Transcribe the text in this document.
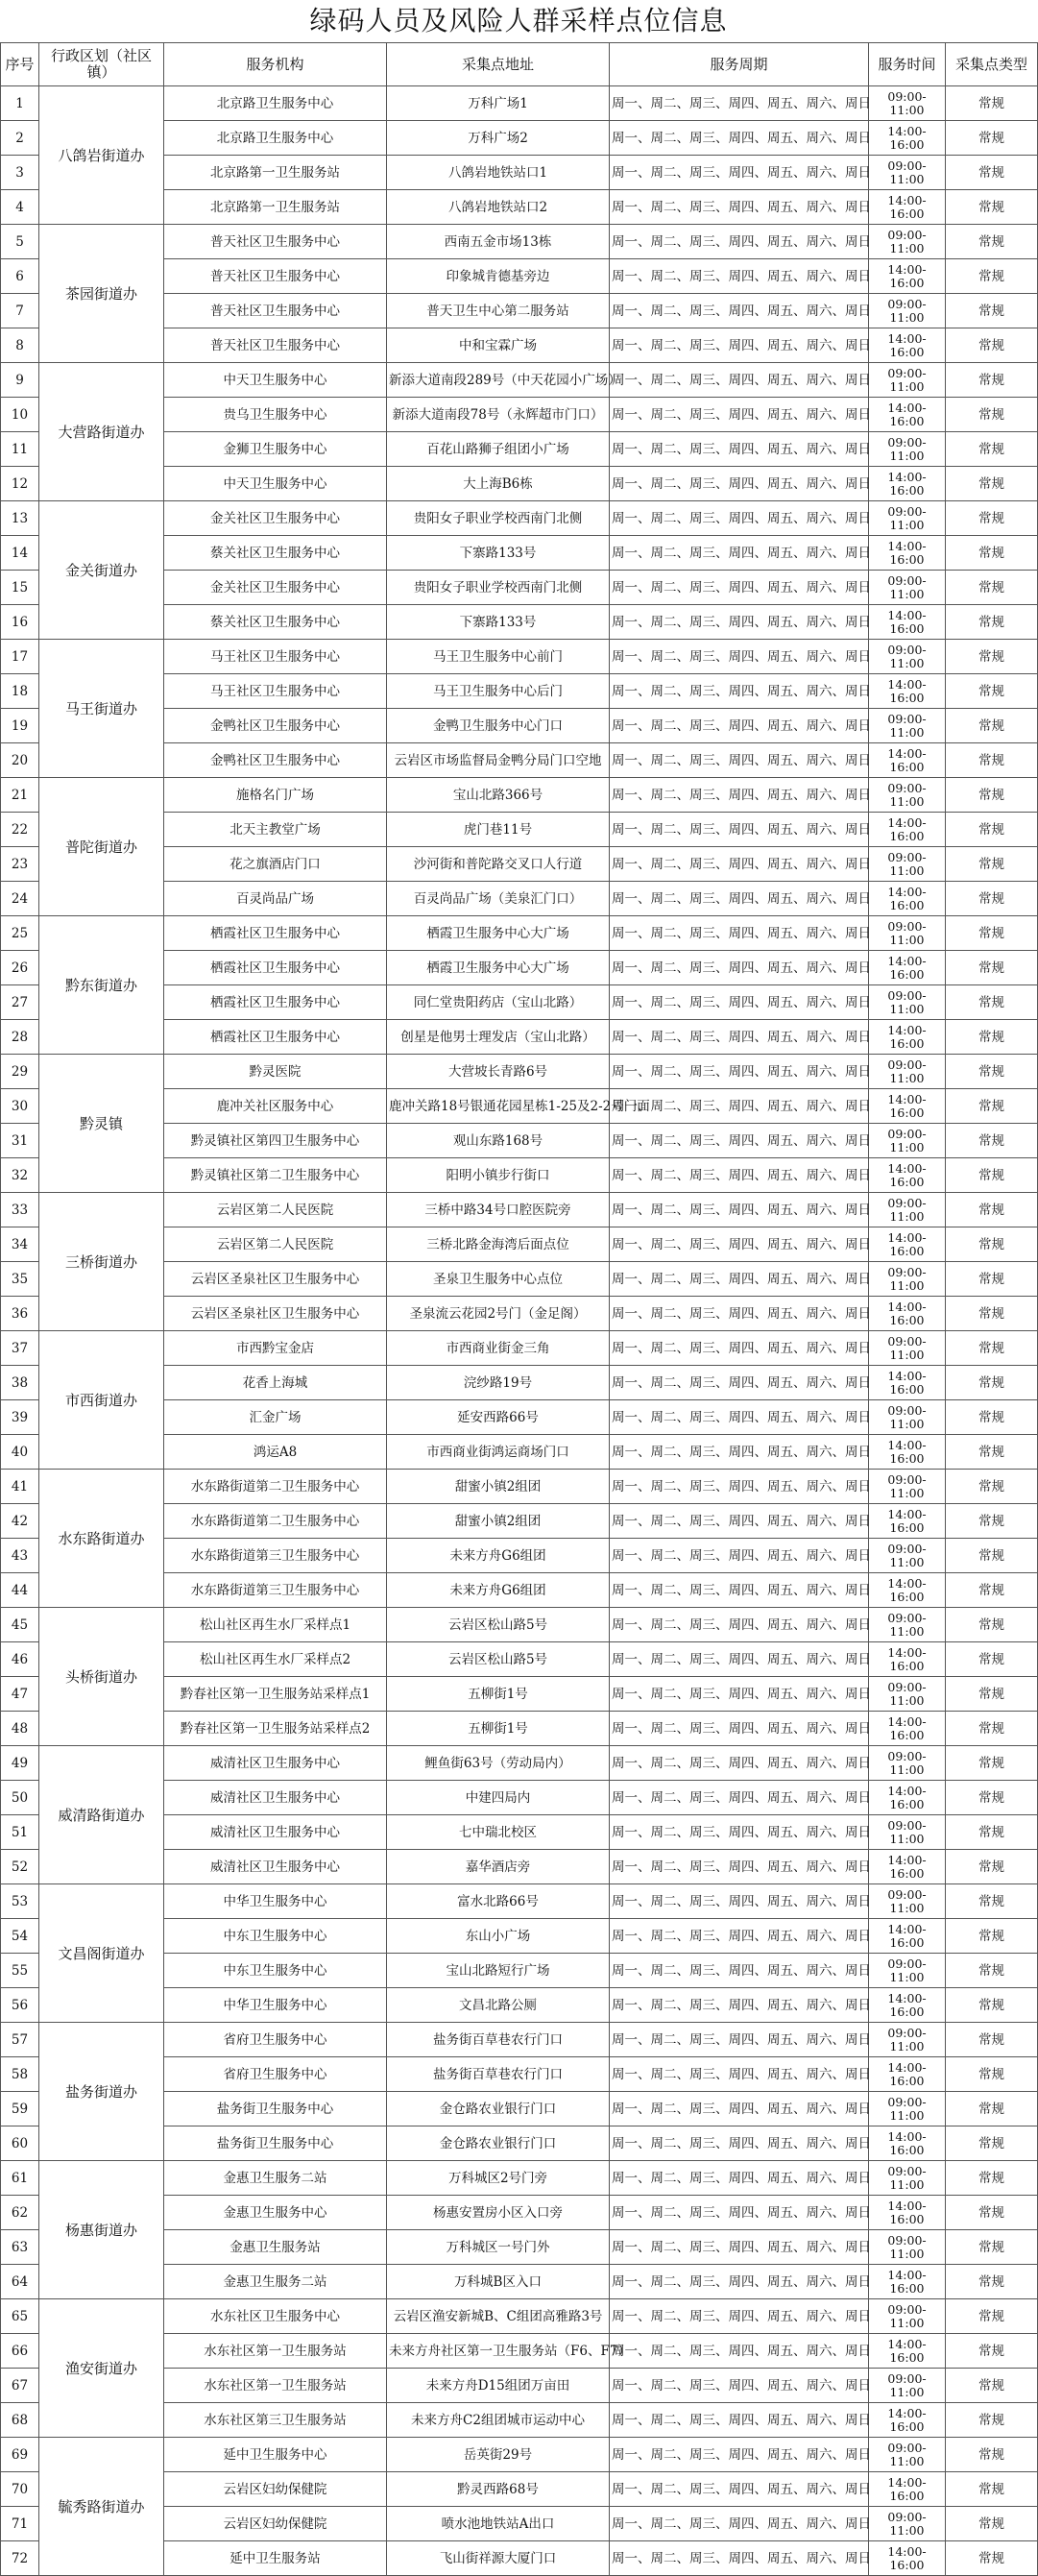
绿码人员及风险人群采样点位信息
序号	行政区划（社区镇）	服务机构	采集点地址	服务周期	服务时间	采集点类型
1	八鸽岩街道办	北京路卫生服务中心	万科广场1	周一、周二、周三、周四、周五、周六、周日	09:00-11:00	常规
2		北京路卫生服务中心	万科广场2	周一、周二、周三、周四、周五、周六、周日	14:00-16:00	常规
3		北京路第一卫生服务站	八鸽岩地铁站口1	周一、周二、周三、周四、周五、周六、周日	09:00-11:00	常规
4		北京路第一卫生服务站	八鸽岩地铁站口2	周一、周二、周三、周四、周五、周六、周日	14:00-16:00	常规
5	茶园街道办	普天社区卫生服务中心	西南五金市场13栋	周一、周二、周三、周四、周五、周六、周日	09:00-11:00	常规
6		普天社区卫生服务中心	印象城肯德基旁边	周一、周二、周三、周四、周五、周六、周日	14:00-16:00	常规
7		普天社区卫生服务中心	普天卫生中心第二服务站	周一、周二、周三、周四、周五、周六、周日	09:00-11:00	常规
8		普天社区卫生服务中心	中和宝霖广场	周一、周二、周三、周四、周五、周六、周日	14:00-16:00	常规
9	大营路街道办	中天卫生服务中心	新添大道南段289号（中天花园小广场）	周一、周二、周三、周四、周五、周六、周日	09:00-11:00	常规
10		贵乌卫生服务中心	新添大道南段78号（永辉超市门口）	周一、周二、周三、周四、周五、周六、周日	14:00-16:00	常规
11		金狮卫生服务中心	百花山路狮子组团小广场	周一、周二、周三、周四、周五、周六、周日	09:00-11:00	常规
12		中天卫生服务中心	大上海B6栋	周一、周二、周三、周四、周五、周六、周日	14:00-16:00	常规
13	金关街道办	金关社区卫生服务中心	贵阳女子职业学校西南门北侧	周一、周二、周三、周四、周五、周六、周日	09:00-11:00	常规
14		蔡关社区卫生服务中心	下寨路133号	周一、周二、周三、周四、周五、周六、周日	14:00-16:00	常规
15		金关社区卫生服务中心	贵阳女子职业学校西南门北侧	周一、周二、周三、周四、周五、周六、周日	09:00-11:00	常规
16		蔡关社区卫生服务中心	下寨路133号	周一、周二、周三、周四、周五、周六、周日	14:00-16:00	常规
17	马王街道办	马王社区卫生服务中心	马王卫生服务中心前门	周一、周二、周三、周四、周五、周六、周日	09:00-11:00	常规
18		马王社区卫生服务中心	马王卫生服务中心后门	周一、周二、周三、周四、周五、周六、周日	14:00-16:00	常规
19		金鸭社区卫生服务中心	金鸭卫生服务中心门口	周一、周二、周三、周四、周五、周六、周日	09:00-11:00	常规
20		金鸭社区卫生服务中心	云岩区市场监督局金鸭分局门口空地	周一、周二、周三、周四、周五、周六、周日	14:00-16:00	常规
21	普陀街道办	施格名门广场	宝山北路366号	周一、周二、周三、周四、周五、周六、周日	09:00-11:00	常规
22		北天主教堂广场	虎门巷11号	周一、周二、周三、周四、周五、周六、周日	14:00-16:00	常规
23		花之旗酒店门口	沙河街和普陀路交叉口人行道	周一、周二、周三、周四、周五、周六、周日	09:00-11:00	常规
24		百灵尚品广场	百灵尚品广场（美泉汇门口）	周一、周二、周三、周四、周五、周六、周日	14:00-16:00	常规
25	黔东街道办	栖霞社区卫生服务中心	栖霞卫生服务中心大广场	周一、周二、周三、周四、周五、周六、周日	09:00-11:00	常规
26		栖霞社区卫生服务中心	栖霞卫生服务中心大广场	周一、周二、周三、周四、周五、周六、周日	14:00-16:00	常规
27		栖霞社区卫生服务中心	同仁堂贵阳药店（宝山北路）	周一、周二、周三、周四、周五、周六、周日	09:00-11:00	常规
28		栖霞社区卫生服务中心	创星是他男士理发店（宝山北路）	周一、周二、周三、周四、周五、周六、周日	14:00-16:00	常规
29	黔灵镇	黔灵医院	大营坡长青路6号	周一、周二、周三、周四、周五、周六、周日	09:00-11:00	常规
30		鹿冲关社区服务中心	鹿冲关路18号银通花园星栋1-25及2-2号门面	周一、周二、周三、周四、周五、周六、周日	14:00-16:00	常规
31		黔灵镇社区第四卫生服务中心	观山东路168号	周一、周二、周三、周四、周五、周六、周日	09:00-11:00	常规
32		黔灵镇社区第二卫生服务中心	阳明小镇步行街口	周一、周二、周三、周四、周五、周六、周日	14:00-16:00	常规
33	三桥街道办	云岩区第二人民医院	三桥中路34号口腔医院旁	周一、周二、周三、周四、周五、周六、周日	09:00-11:00	常规
34		云岩区第二人民医院	三桥北路金海湾后面点位	周一、周二、周三、周四、周五、周六、周日	14:00-16:00	常规
35		云岩区圣泉社区卫生服务中心	圣泉卫生服务中心点位	周一、周二、周三、周四、周五、周六、周日	09:00-11:00	常规
36		云岩区圣泉社区卫生服务中心	圣泉流云花园2号门（金足阁）	周一、周二、周三、周四、周五、周六、周日	14:00-16:00	常规
37	市西街道办	市西黔宝金店	市西商业街金三角	周一、周二、周三、周四、周五、周六、周日	09:00-11:00	常规
38		花香上海城	浣纱路19号	周一、周二、周三、周四、周五、周六、周日	14:00-16:00	常规
39		汇金广场	延安西路66号	周一、周二、周三、周四、周五、周六、周日	09:00-11:00	常规
40		鸿运A8	市西商业街鸿运商场门口	周一、周二、周三、周四、周五、周六、周日	14:00-16:00	常规
41	水东路街道办	水东路街道第二卫生服务中心	甜蜜小镇2组团	周一、周二、周三、周四、周五、周六、周日	09:00-11:00	常规
42		水东路街道第二卫生服务中心	甜蜜小镇2组团	周一、周二、周三、周四、周五、周六、周日	14:00-16:00	常规
43		水东路街道第三卫生服务中心	未来方舟G6组团	周一、周二、周三、周四、周五、周六、周日	09:00-11:00	常规
44		水东路街道第三卫生服务中心	未来方舟G6组团	周一、周二、周三、周四、周五、周六、周日	14:00-16:00	常规
45	头桥街道办	松山社区再生水厂采样点1	云岩区松山路5号	周一、周二、周三、周四、周五、周六、周日	09:00-11:00	常规
46		松山社区再生水厂采样点2	云岩区松山路5号	周一、周二、周三、周四、周五、周六、周日	14:00-16:00	常规
47		黔春社区第一卫生服务站采样点1	五柳街1号	周一、周二、周三、周四、周五、周六、周日	09:00-11:00	常规
48		黔春社区第一卫生服务站采样点2	五柳街1号	周一、周二、周三、周四、周五、周六、周日	14:00-16:00	常规
49	威清路街道办	威清社区卫生服务中心	鲤鱼街63号（劳动局内）	周一、周二、周三、周四、周五、周六、周日	09:00-11:00	常规
50		威清社区卫生服务中心	中建四局内	周一、周二、周三、周四、周五、周六、周日	14:00-16:00	常规
51		威清社区卫生服务中心	七中瑞北校区	周一、周二、周三、周四、周五、周六、周日	09:00-11:00	常规
52		威清社区卫生服务中心	嘉华酒店旁	周一、周二、周三、周四、周五、周六、周日	14:00-16:00	常规
53	文昌阁街道办	中华卫生服务中心	富水北路66号	周一、周二、周三、周四、周五、周六、周日	09:00-11:00	常规
54		中东卫生服务中心	东山小广场	周一、周二、周三、周四、周五、周六、周日	14:00-16:00	常规
55		中东卫生服务中心	宝山北路短行广场	周一、周二、周三、周四、周五、周六、周日	09:00-11:00	常规
56		中华卫生服务中心	文昌北路公厕	周一、周二、周三、周四、周五、周六、周日	14:00-16:00	常规
57	盐务街道办	省府卫生服务中心	盐务街百草巷农行门口	周一、周二、周三、周四、周五、周六、周日	09:00-11:00	常规
58		省府卫生服务中心	盐务街百草巷农行门口	周一、周二、周三、周四、周五、周六、周日	14:00-16:00	常规
59		盐务街卫生服务中心	金仓路农业银行门口	周一、周二、周三、周四、周五、周六、周日	09:00-11:00	常规
60		盐务街卫生服务中心	金仓路农业银行门口	周一、周二、周三、周四、周五、周六、周日	14:00-16:00	常规
61	杨惠街道办	金惠卫生服务二站	万科城区2号门旁	周一、周二、周三、周四、周五、周六、周日	09:00-11:00	常规
62		金惠卫生服务中心	杨惠安置房小区入口旁	周一、周二、周三、周四、周五、周六、周日	14:00-16:00	常规
63		金惠卫生服务站	万科城区一号门外	周一、周二、周三、周四、周五、周六、周日	09:00-11:00	常规
64		金惠卫生服务二站	万科城B区入口	周一、周二、周三、周四、周五、周六、周日	14:00-16:00	常规
65	渔安街道办	水东社区卫生服务中心	云岩区渔安新城B、C组团高雅路3号	周一、周二、周三、周四、周五、周六、周日	09:00-11:00	常规
66		水东社区第一卫生服务站	未来方舟社区第一卫生服务站（F6、F7）	周一、周二、周三、周四、周五、周六、周日	14:00-16:00	常规
67		水东社区第一卫生服务站	未来方舟D15组团万亩田	周一、周二、周三、周四、周五、周六、周日	09:00-11:00	常规
68		水东社区第三卫生服务站	未来方舟C2组团城市运动中心	周一、周二、周三、周四、周五、周六、周日	14:00-16:00	常规
69	毓秀路街道办	延中卫生服务中心	岳英街29号	周一、周二、周三、周四、周五、周六、周日	09:00-11:00	常规
70		云岩区妇幼保健院	黔灵西路68号	周一、周二、周三、周四、周五、周六、周日	14:00-16:00	常规
71		云岩区妇幼保健院	喷水池地铁站A出口	周一、周二、周三、周四、周五、周六、周日	09:00-11:00	常规
72		延中卫生服务站	飞山街祥源大厦门口	周一、周二、周三、周四、周五、周六、周日	14:00-16:00	常规
